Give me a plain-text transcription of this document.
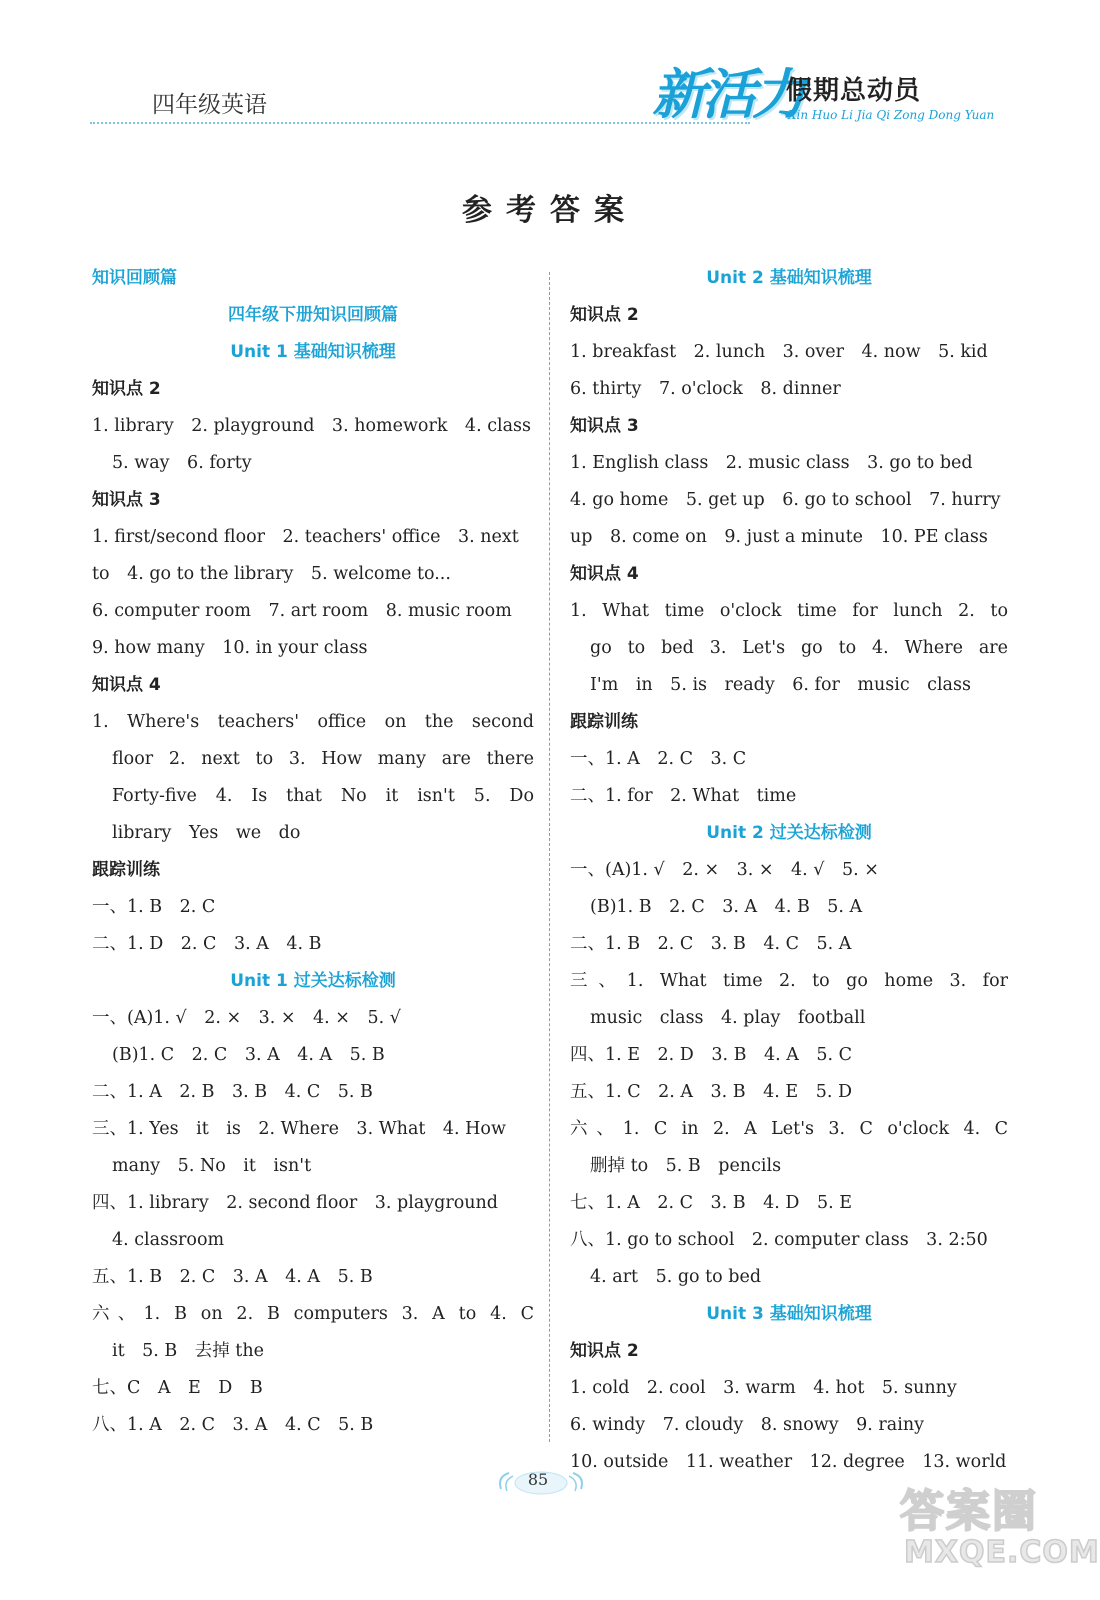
四年级英语	新活力
假期总动员
Xin Huo Li Jia Qi Zong Dong Yuan
参考答案
知识回顾篇
四年级下册知识回顾篇
Unit 1 基础知识梳理
知识点 2
1. library　2. playground　3. homework　4. class
5. way　6. forty
知识点 3
1. first/second floor　2. teachers' office　3. next
to　4. go to the library　5. welcome to...
6. computer room　7. art room　8. music room
9. how many　10. in your class
知识点 4
1. Where's teachers' office on the second
floor 2. next to 3. How many are there
Forty-five 4. Is that No it isn't 5. Do
library　Yes　we　do
跟踪训练
一、1. B　2. C
二、1. D　2. C　3. A　4. B
Unit 1 过关达标检测
一、(A)1. √　2. ×　3. ×　4. ×　5. √
(B)1. C　2. C　3. A　4. A　5. B
二、1. A　2. B　3. B　4. C　5. B
三、1. Yes　it　is　2. Where　3. What　4. How
many　5. No　it　isn't
四、1. library　2. second floor　3. playground
4. classroom
五、1. B　2. C　3. A　4. A　5. B
六、1. B on 2. B computers 3. A to 4. C
it　5. B　去掉 the
七、C　A　E　D　B
八、1. A　2. C　3. A　4. C　5. B
Unit 2 基础知识梳理
知识点 2
1. breakfast　2. lunch　3. over　4. now　5. kid
6. thirty　7. o'clock　8. dinner
知识点 3
1. English class　2. music class　3. go to bed
4. go home　5. get up　6. go to school　7. hurry
up　8. come on　9. just a minute　10. PE class
知识点 4
1. What time o'clock time for lunch 2. to
go to bed 3. Let's go to 4. Where are
I'm　in　5. is　ready　6. for　music　class
跟踪训练
一、1. A　2. C　3. C
二、1. for　2. What　time
Unit 2 过关达标检测
一、(A)1. √　2. ×　3. ×　4. √　5. ×
(B)1. B　2. C　3. A　4. B　5. A
二、1. B　2. C　3. B　4. C　5. A
三、1. What time 2. to go home 3. for
music　class　4. play　football
四、1. E　2. D　3. B　4. A　5. C
五、1. C　2. A　3. B　4. E　5. D
六、1. C in 2. A Let's 3. C o'clock 4. C
删掉 to　5. B　pencils
七、1. A　2. C　3. B　4. D　5. E
八、1. go to school　2. computer class　3. 2:50
4. art　5. go to bed
Unit 3 基础知识梳理
知识点 2
1. cold　2. cool　3. warm　4. hot　5. sunny
6. windy　7. cloudy　8. snowy　9. rainy
10. outside　11. weather　12. degree　13. world
85
答案圈
MXQE.COM
